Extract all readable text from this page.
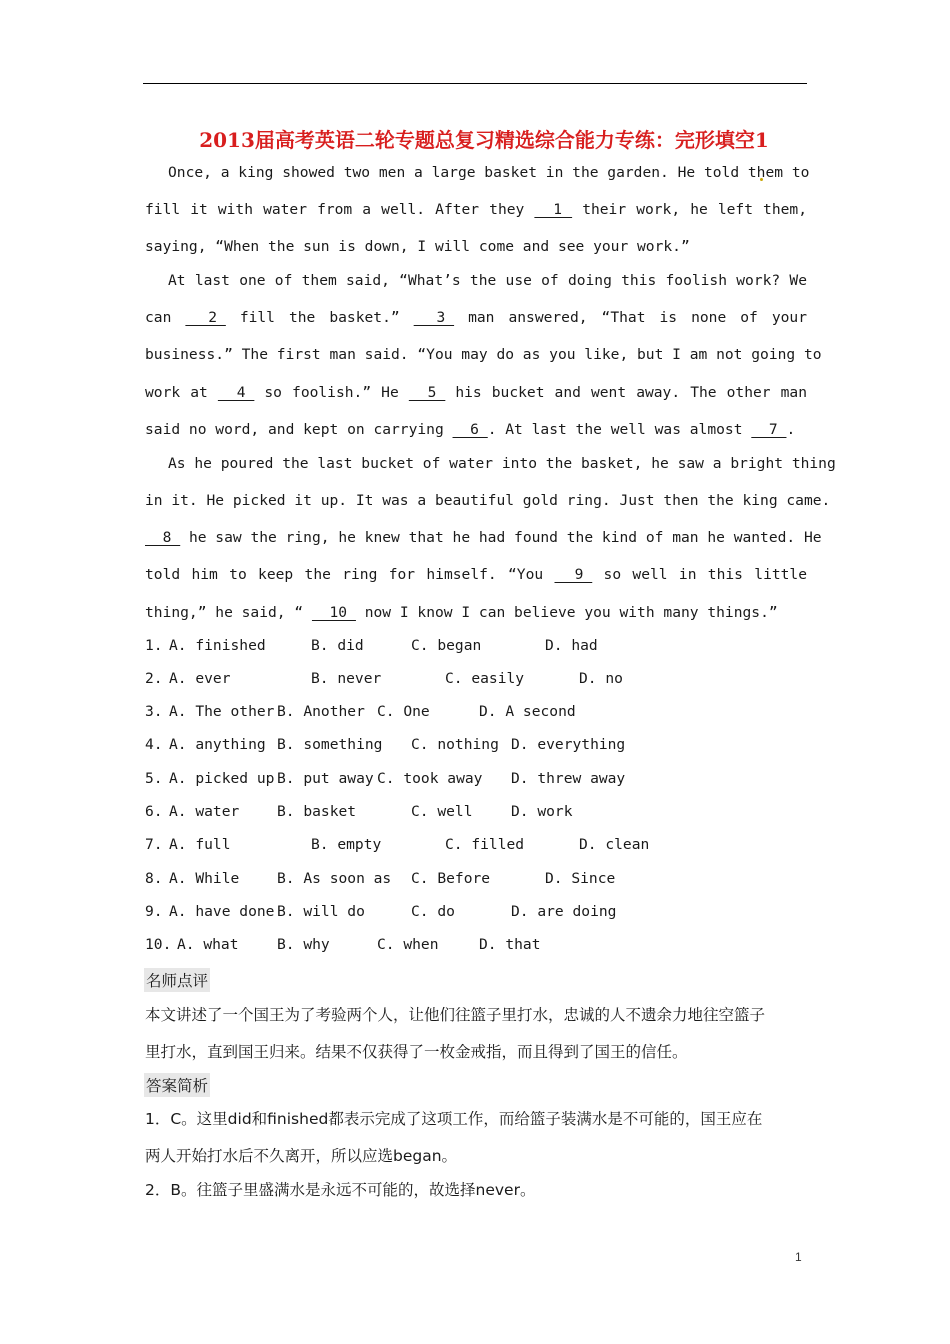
2013届高考英语二轮专题总复习精选综合能力专练：完形填空1
Once, a king showed two men a large basket in the garden. He told them to
fill it with water from a well. After they  _1  their work, he left them,
saying, “When the sun is down, I will come and see your work.”
At last one of them said, “What’s the use of doing this foolish work? We
can  _2_ fill the basket.”  _3_ man answered, “That is none of your
business.” The first man said. “You may do as you like, but I am not going to
work at  _4_ so foolish.” He  _5_ his bucket and went away. The other man
said no word, and kept on carrying  _6_. At last the well was almost  _7_.
As he poured the last bucket of water into the basket, he saw a bright thing
in it. He picked it up. It was a beautiful gold ring. Just then the king came.
_8_ he saw the ring, he knew that he had found the kind of man he wanted. He
told him to keep the ring for himself. “You  _9_ so well in this little
thing,” he said, “  _10_ now I know I can believe you with many things.”
1. A. finished	B. did	C. began	D. had
2. A. ever	B. never	C. easily	D. no
3. A. The other B. Another C. One	D. A second
4. A. anything B. something C. nothing D. everything
5. A. picked up B. put away C. took away D. threw away
6. A. water	B. basket	C. well	D. work
7. A. full	B. empty	C. filled	D. clean
8. A. While	B. As soon as C. Before	D. Since
9. A. have done B. will do	C. do	D. are doing
10. A. what	B. why	C. when	D. that
名师点评
本文讲述了一个国王为了考验两个人，让他们往篮子里打水，忠诚的人不遗余力地往空篮子
里打水，直到国王归来。结果不仅获得了一枚金戒指，而且得到了国王的信任。
答案简析
1．C。这里did和finished都表示完成了这项工作，而给篮子装满水是不可能的，国王应在
两人开始打水后不久离开，所以应选began。
2．B。往篮子里盛满水是永远不可能的，故选择never。
1
